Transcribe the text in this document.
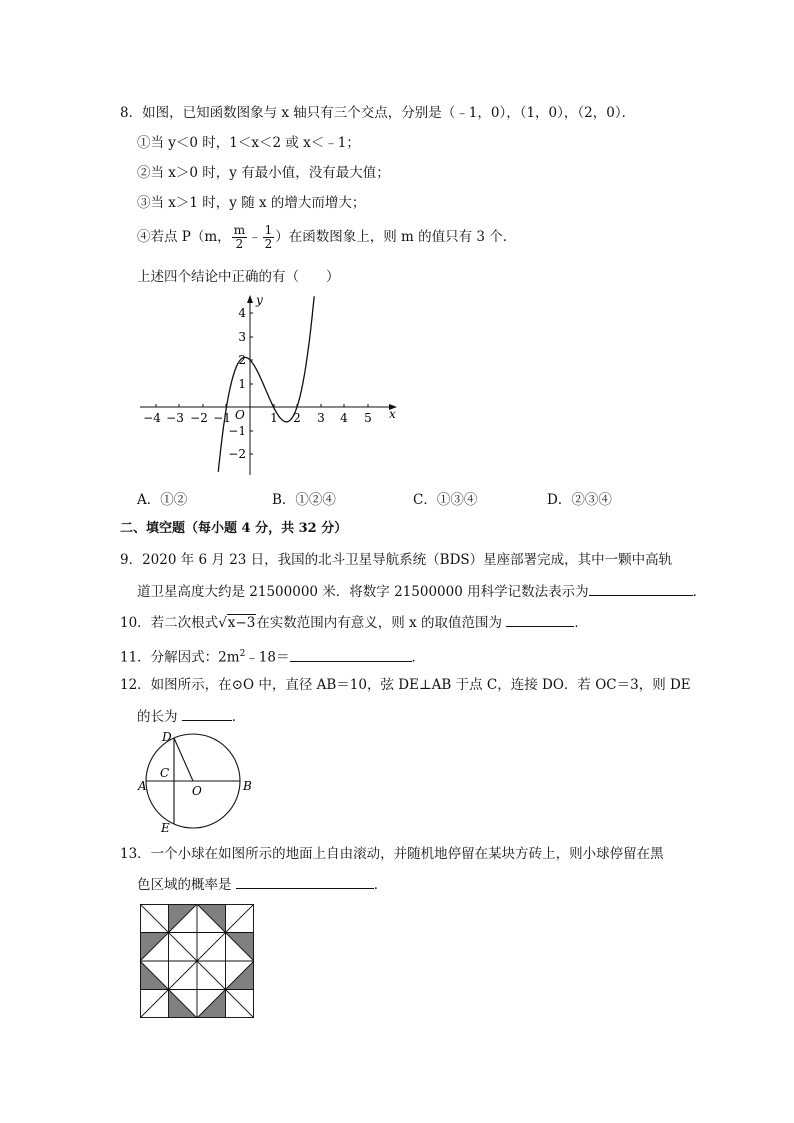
8．如图，已知函数图象与 x 轴只有三个交点，分别是（﹣1，0），（1，0），（2，0）．
①当 y＜0 时，1＜x＜2 或 x＜﹣1；
②当 x＞0 时，y 有最小值，没有最大值；
③当 x＞1 时，y 随 x 的增大而增大；
④若点 P（m， $\frac{m}{2}$ ﹣ $\frac{1}{2}$ ）在函数图象上，则 m 的值只有 3 个．
上述四个结论中正确的有（　　）
−4 −3 −2 −1	1 2 3 4 5
4
3
2
1
−1
−2
O	x
y
A．①②	B．①②④	C．①③④	D．②③④
二、填空题（每小题 4 分，共 32 分）
9．2020 年 6 月 23 日，我国的北斗卫星导航系统（BDS）星座部署完成，其中一颗中高轨
道卫星高度大约是 21500000 米．将数字 21500000 用科学记数法表示为	．
10．若二次根式√x−3在实数范围内有意义，则 x 的取值范围为	．
11．分解因式：$2m^2﹣18=$	．
12．如图所示，在⊙O 中，直径 AB＝10，弦 DE⊥AB 于点 C，连接 DO．若 OC＝3，则 DE
的长为	．
D
C
A	O	B
E
13．一个小球在如图所示的地面上自由滚动，并随机地停留在某块方砖上，则小球停留在黑
色区域的概率是	．
